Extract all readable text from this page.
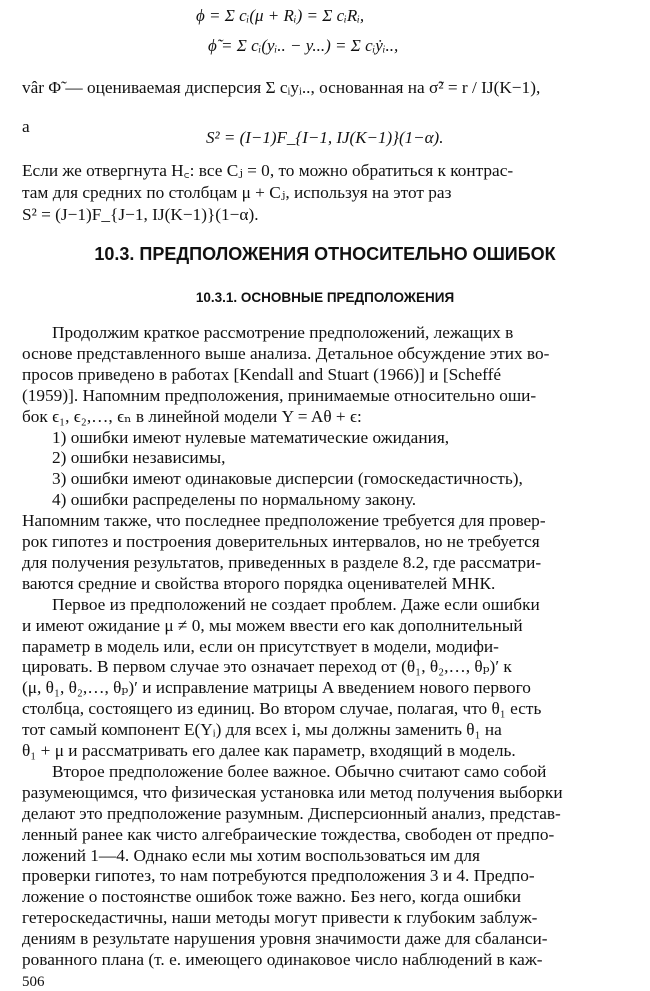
ϕ = Σ cᵢ(μ + Rᵢ) = Σ cᵢRᵢ,
ϕ̃ = Σ cᵢ(yᵢ.. − y...) = Σ cᵢẏᵢ..,
vâr Φ̃ — оцениваемая дисперсия Σ cᵢyᵢ.., основанная на σ̃² = r / IJ(K−1),
а
S² = (I−1)F_{I−1, IJ(K−1)}(1−α).
Если же отвергнута H꜀: все Cⱼ = 0, то можно обратиться к контрас-
там для средних по столбцам μ + Cⱼ, используя на этот раз
S² = (J−1)F_{J−1, IJ(K−1)}(1−α).
10.3. ПРЕДПОЛОЖЕНИЯ ОТНОСИТЕЛЬНО ОШИБОК
10.3.1. ОСНОВНЫЕ ПРЕДПОЛОЖЕНИЯ
Продолжим краткое рассмотрение предположений, лежащих в
основе представленного выше анализа. Детальное обсуждение этих во-
просов приведено в работах [Kendall and Stuart (1966)] и [Scheffé
(1959)]. Напомним предположения, принимаемые относительно оши-
бок ϵ₁, ϵ₂,…, ϵₙ в линейной модели Y = Aθ + ϵ:
1) ошибки имеют нулевые математические ожидания,
2) ошибки независимы,
3) ошибки имеют одинаковые дисперсии (гомоскедастичность),
4) ошибки распределены по нормальному закону.
Напомним также, что последнее предположение требуется для провер-
рок гипотез и построения доверительных интервалов, но не требуется
для получения результатов, приведенных в разделе 8.2, где рассматри-
ваются средние и свойства второго порядка оценивателей МНК.
Первое из предположений не создает проблем. Даже если ошибки
и имеют ожидание μ ≠ 0, мы можем ввести его как дополнительный
параметр в модель или, если он присутствует в модели, модифи-
цировать. В первом случае это означает переход от (θ₁, θ₂,…, θₚ)′ к
(μ, θ₁, θ₂,…, θₚ)′ и исправление матрицы A введением нового первого
столбца, состоящего из единиц. Во втором случае, полагая, что θ₁ есть
тот самый компонент E(Yᵢ) для всех i, мы должны заменить θ₁ на
θ₁ + μ и рассматривать его далее как параметр, входящий в модель.
Второе предположение более важное. Обычно считают само собой
разумеющимся, что физическая установка или метод получения выборки
делают это предположение разумным. Дисперсионный анализ, представ-
ленный ранее как чисто алгебраические тождества, свободен от предпо-
ложений 1—4. Однако если мы хотим воспользоваться им для
проверки гипотез, то нам потребуются предположения 3 и 4. Предпо-
ложение о постоянстве ошибок тоже важно. Без него, когда ошибки
гетероскедастичны, наши методы могут привести к глубоким заблуж-
дениям в результате нарушения уровня значимости даже для сбаланси-
рованного плана (т. е. имеющего одинаковое число наблюдений в каж-
506
